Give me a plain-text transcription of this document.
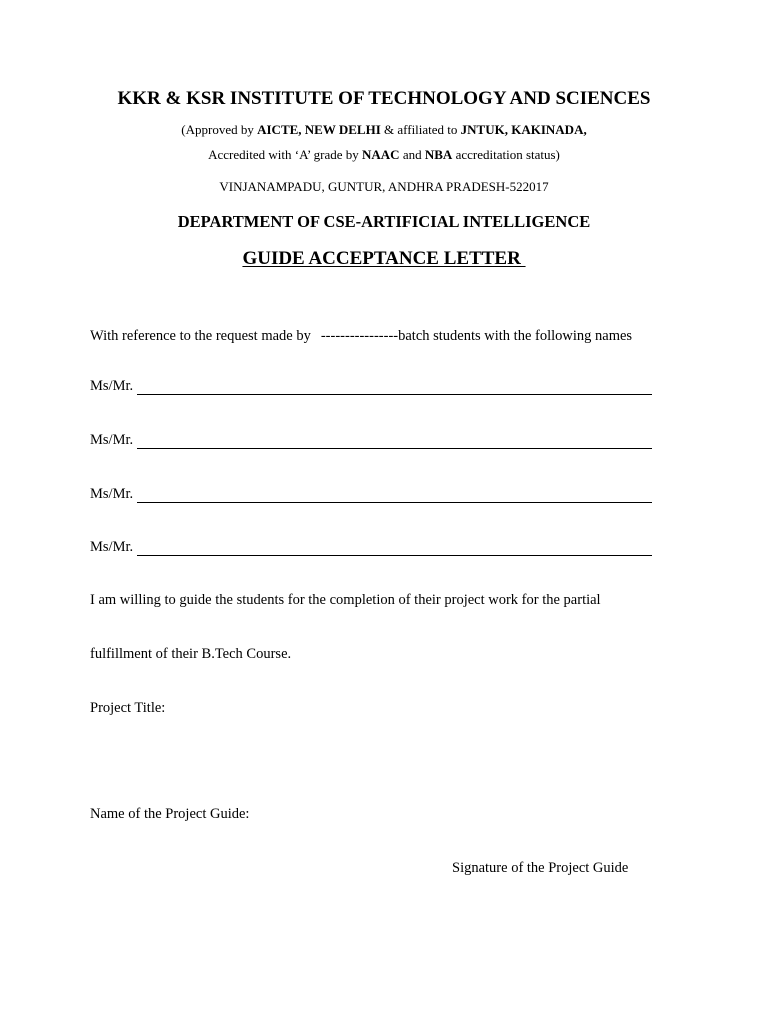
KKR & KSR INSTITUTE OF TECHNOLOGY AND SCIENCES
(Approved by AICTE, NEW DELHI & affiliated to JNTUK, KAKINADA,
Accredited with ‘A’ grade by NAAC and NBA accreditation status)
VINJANAMPADU, GUNTUR, ANDHRA PRADESH-522017
DEPARTMENT OF CSE-ARTIFICIAL INTELLIGENCE
GUIDE ACCEPTANCE LETTER
With reference to the request made by ----------------batch students with the following names
Ms/Mr.
Ms/Mr.
Ms/Mr.
Ms/Mr.
I am willing to guide the students for the completion of their project work for the partial
fulfillment of their B.Tech Course.
Project Title:
Name of the Project Guide:
Signature of the Project Guide
